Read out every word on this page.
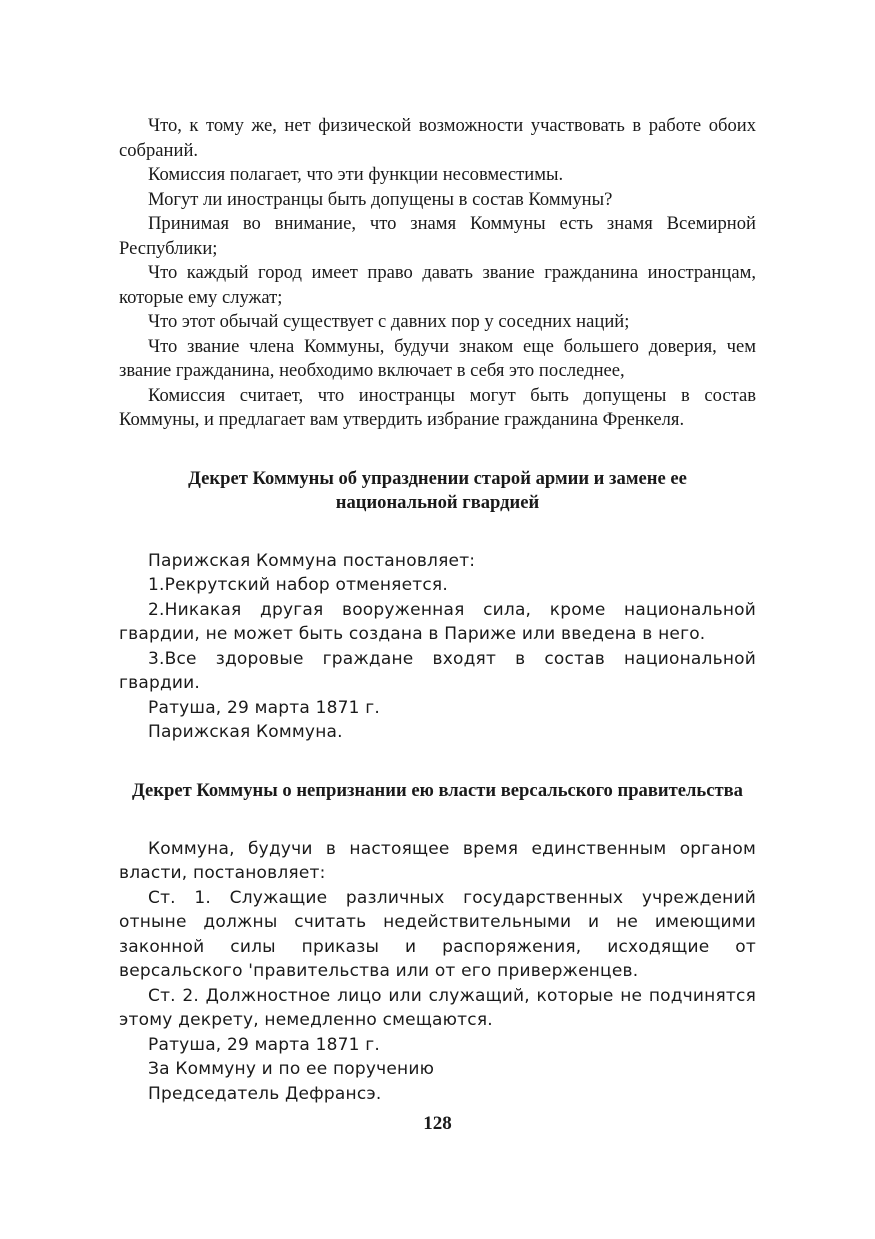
Что, к тому же, нет физической возможности участвовать в работе обоих собраний.

Комиссия полагает, что эти функции несовместимы.

Могут ли иностранцы быть допущены в состав Коммуны?

Принимая во внимание, что знамя Коммуны есть знамя Всемирной Республики;

Что каждый город имеет право давать звание гражданина иностранцам, которые ему служат;

Что этот обычай существует с давних пор у соседних наций;

Что звание члена Коммуны, будучи знаком еще большего доверия, чем звание гражданина, необходимо включает в себя это последнее,

Комиссия считает, что иностранцы могут быть допущены в состав Коммуны, и предлагает вам утвердить избрание гражданина Френкеля.

Декрет Коммуны об упразднении старой армии и замене ее национальной гвардией

Парижская Коммуна постановляет:

1.Рекрутский набор отменяется.

2.Никакая другая вооруженная сила, кроме национальной гвардии, не может быть создана в Париже или введена в него.

3.Все здоровые граждане входят в состав национальной гвардии.

Ратуша, 29 марта 1871 г.

Парижская Коммуна.

Декрет Коммуны о непризнании ею власти версальского правительства

Коммуна, будучи в настоящее время единственным органом власти, постановляет:

Ст. 1. Служащие различных государственных учреждений отныне должны считать недействительными и не имеющими законной силы приказы и распоряжения, исходящие от версальского 'правительства или от его приверженцев.

Ст. 2. Должностное лицо или служащий, которые не подчинятся этому декрету, немедленно смещаются.

Ратуша, 29 марта 1871 г.

За Коммуну и по ее поручению

Председатель Дефрансэ.

128
